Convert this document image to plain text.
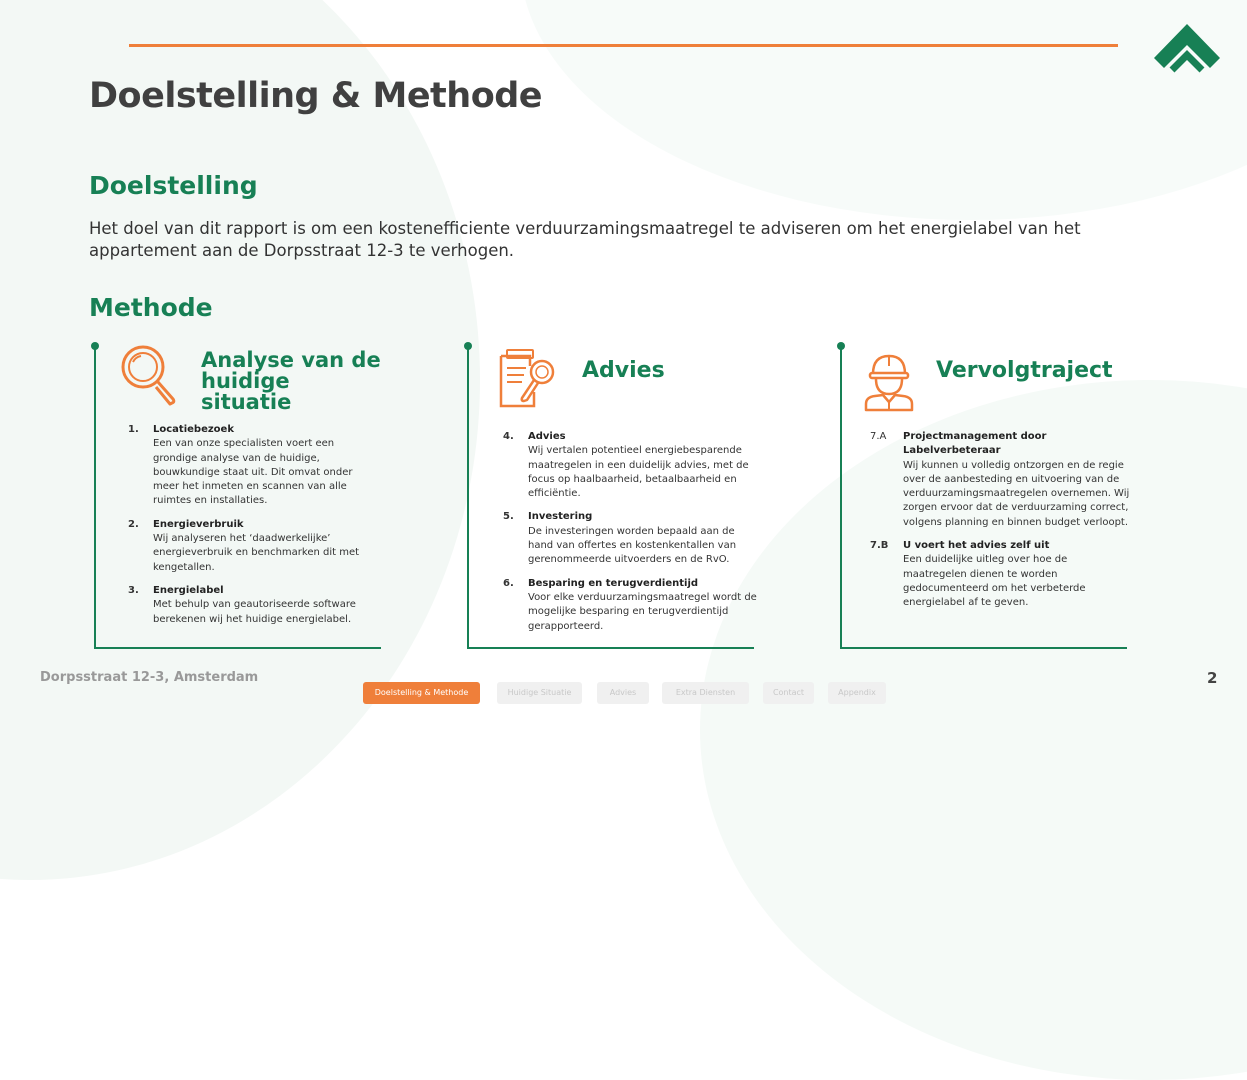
Doelstelling & Methode
Doelstelling
Het doel van dit rapport is om een kostenefficiente verduurzamingsmaatregel te adviseren om het energielabel van het appartement aan de Dorpsstraat 12-3 te verhogen.
Methode
Analyse van de huidige situatie
1. Locatiebezoek
Een van onze specialisten voert een grondige analyse van de huidige, bouwkundige staat uit. Dit omvat onder meer het inmeten en scannen van alle ruimtes en installaties.
2. Energieverbruik
Wij analyseren het ‘daadwerkelijke’ energieverbruik en benchmarken dit met kengetallen.
3. Energielabel
Met behulp van geautoriseerde software berekenen wij het huidige energielabel.
Advies
4. Advies
Wij vertalen potentieel energiebesparende maatregelen in een duidelijk advies, met de focus op haalbaarheid, betaalbaarheid en efficiëntie.
5. Investering
De investeringen worden bepaald aan de hand van offertes en kostenkentallen van gerenommeerde uitvoerders en de RvO.
6. Besparing en terugverdientijd
Voor elke verduurzamingsmaatregel wordt de mogelijke besparing en terugverdientijd gerapporteerd.
Vervolgtraject
7.A Projectmanagement door Labelverbeteraar
Wij kunnen u volledig ontzorgen en de regie over de aanbesteding en uitvoering van de verduurzamingsmaatregelen overnemen. Wij zorgen ervoor dat de verduurzaming correct, volgens planning en binnen budget verloopt.
7.B U voert het advies zelf uit
Een duidelijke uitleg over hoe de maatregelen dienen te worden gedocumenteerd om het verbeterde energielabel af te geven.
Dorpsstraat 12-3, Amsterdam	2
Doelstelling & Methode	Huidige Situatie	Advies	Extra Diensten	Contact	Appendix
